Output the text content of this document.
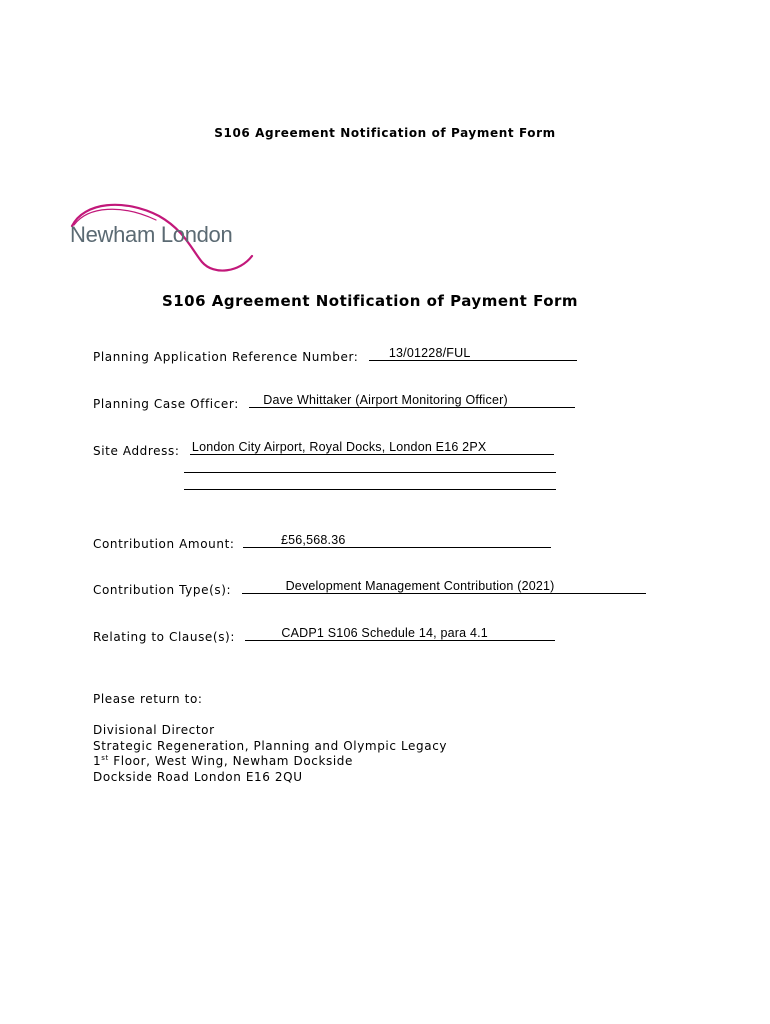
S106 Agreement Notification of Payment Form
Newham London
S106 Agreement Notification of Payment Form
Planning Application Reference Number: 13/01228/FUL
Planning Case Officer: Dave Whittaker (Airport Monitoring Officer)
Site Address: London City Airport, Royal Docks, London E16 2PX
Contribution Amount:	£56,568.36
Contribution Type(s):	Development Management Contribution (2021)
Relating to Clause(s):	CADP1 S106 Schedule 14, para 4.1
Please return to:
Divisional Director
Strategic Regeneration, Planning and Olympic Legacy
1st Floor, West Wing, Newham Dockside
Dockside Road London E16 2QU
